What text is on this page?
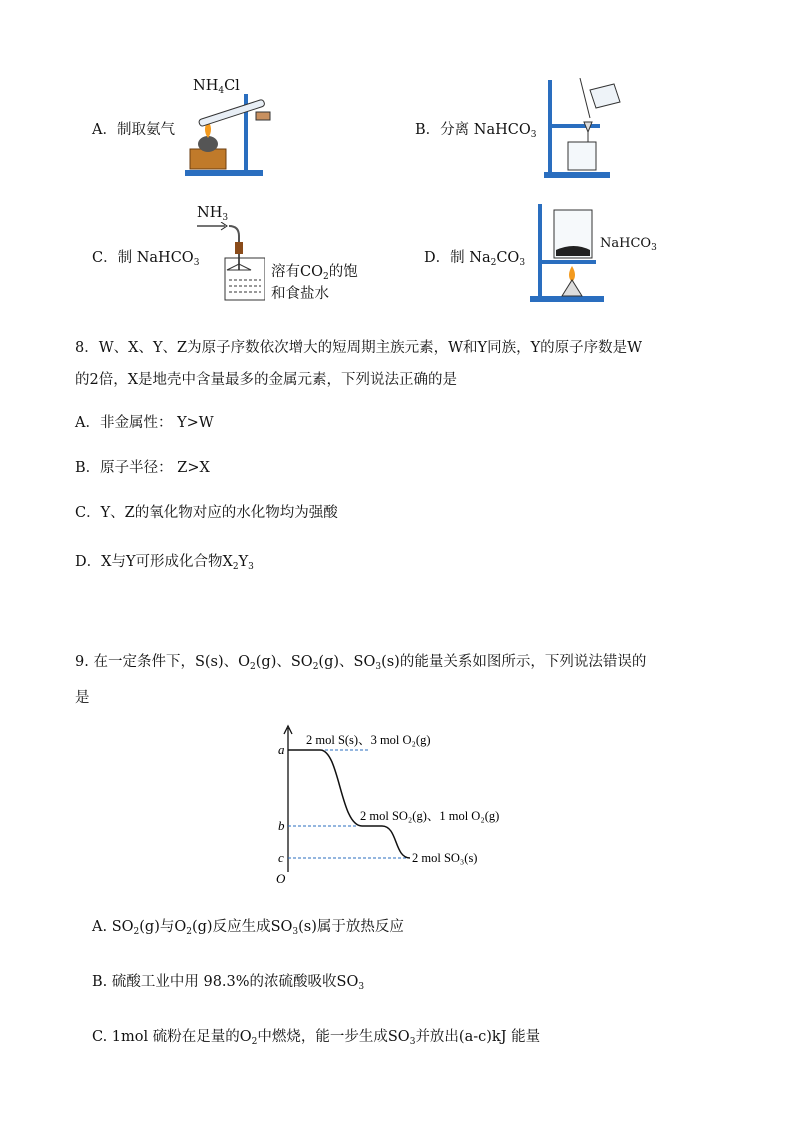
A．制取氨气
$NH_4Cl$
B．分离 NaHCO$_3$
C．制 NaHCO$_3$
$NH_3$
溶有$CO_2$的饱
和食盐水
D．制 $Na_2CO_3$
NaHCO$_3$
8．W、X、Y、Z为原子序数依次增大的短周期主族元素，W和Y同族，Y的原子序数是W
的2倍，X是地壳中含量最多的金属元素，下列说法正确的是
A．非金属性： Y>W
B．原子半径： Z>X
C．Y、Z的氧化物对应的水化物均为强酸
D．X与Y可形成化合物$X_2Y_3$
9. 在一定条件下，S(s)、$O_2(g)$、$SO_2(g)$、$SO_3(s)$的能量关系如图所示，下列说法错误的
是
O
a
b
c
2 mol S(s)、3 mol O₂(g)
2 mol SO₂(g)、1 mol O₂(g)
2 mol SO₃(s)
A. $SO_2(g)$与$O_2(g)$反应生成$SO_3(s)$属于放热反应
B. 硫酸工业中用 98.3%的浓硫酸吸收$SO_3$
C. 1mol 硫粉在足量的$O_2$中燃烧，能一步生成$SO_3$并放出(a-c)kJ 能量
